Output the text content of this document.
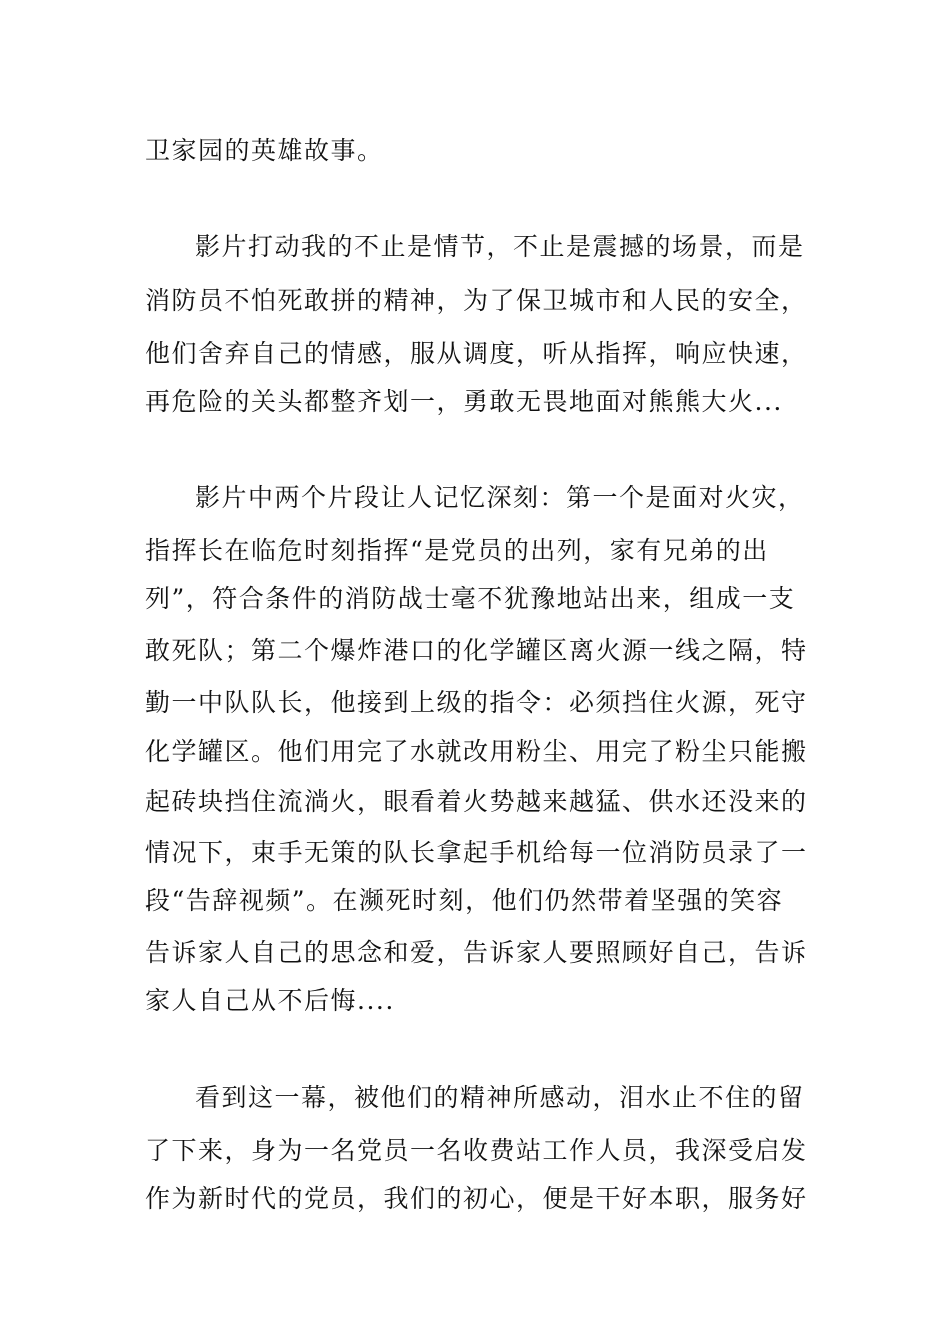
卫家园的英雄故事。
影片打动我的不止是情节，不止是震撼的场景，而是
消防员不怕死敢拼的精神，为了保卫城市和人民的安全，
他们舍弃自己的情感，服从调度，听从指挥，响应快速，
再危险的关头都整齐划一，勇敢无畏地面对熊熊大火...
影片中两个片段让人记忆深刻：第一个是面对火灾，
指挥长在临危时刻指挥“是党员的出列，家有兄弟的出
列”，符合条件的消防战士毫不犹豫地站出来，组成一支
敢死队；第二个爆炸港口的化学罐区离火源一线之隔，特
勤一中队队长，他接到上级的指令：必须挡住火源，死守
化学罐区。他们用完了水就改用粉尘、用完了粉尘只能搬
起砖块挡住流淌火，眼看着火势越来越猛、供水还没来的
情况下，束手无策的队长拿起手机给每一位消防员录了一
段“告辞视频”。在濒死时刻，他们仍然带着坚强的笑容
告诉家人自己的思念和爱，告诉家人要照顾好自己，告诉
家人自己从不后悔....
看到这一幕，被他们的精神所感动，泪水止不住的留
了下来，身为一名党员一名收费站工作人员，我深受启发
作为新时代的党员，我们的初心，便是干好本职，服务好
